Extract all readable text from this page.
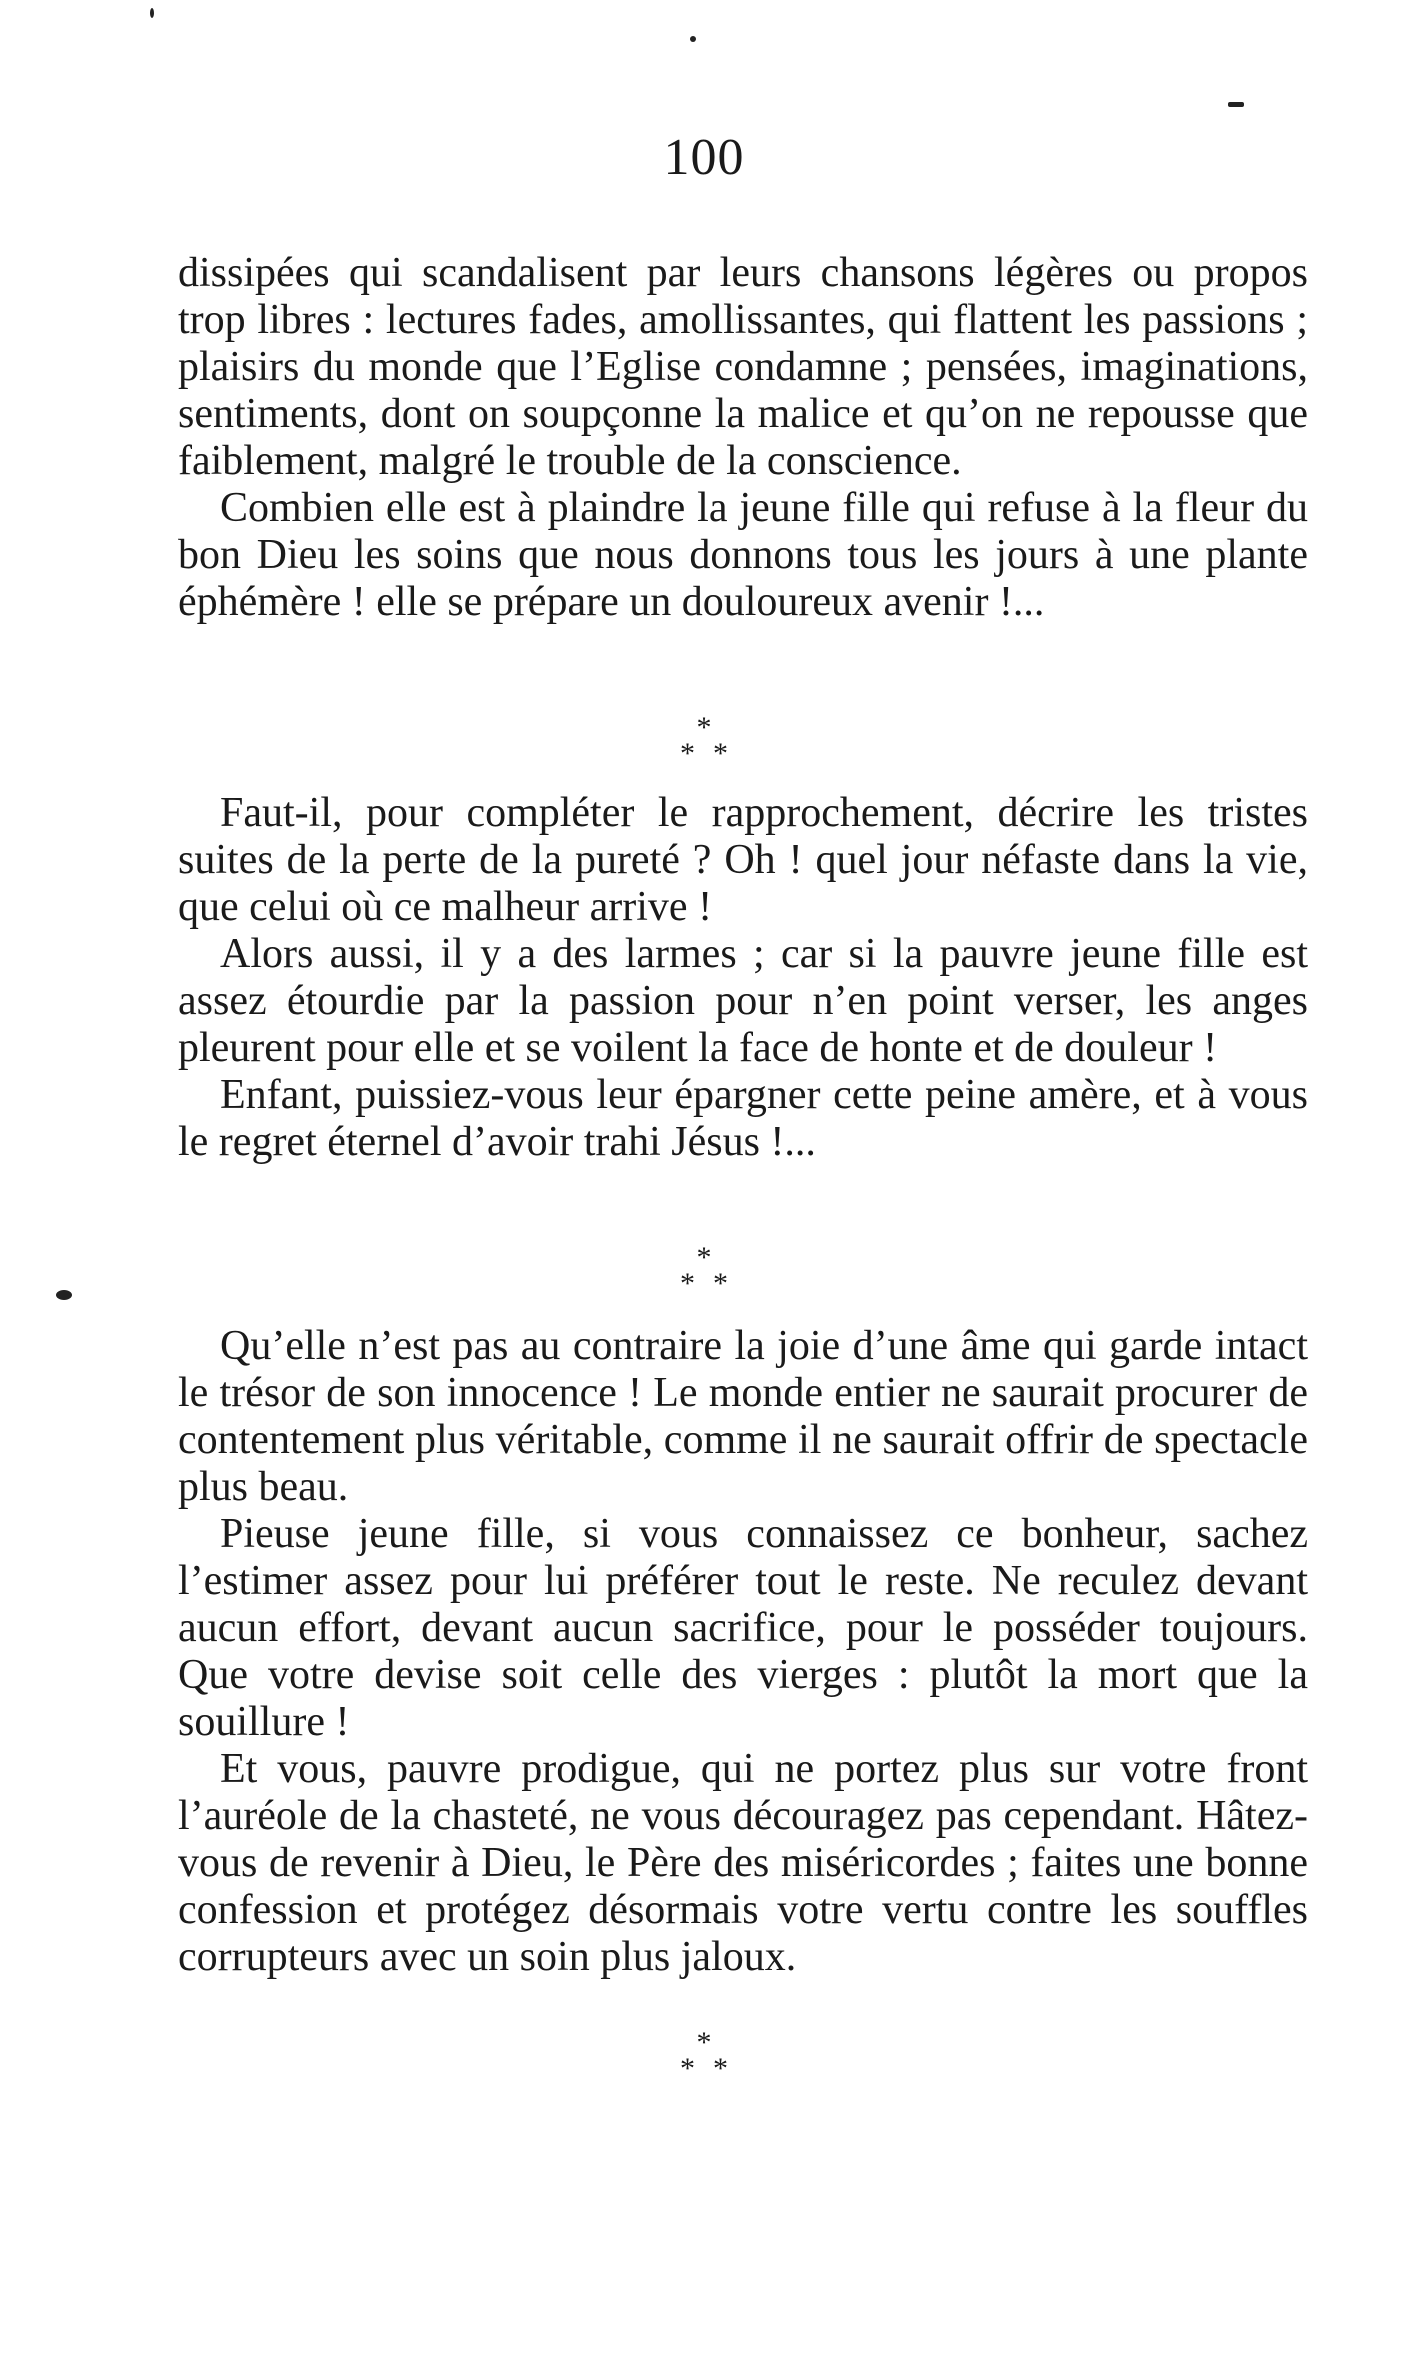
100

dissipées qui scandalisent par leurs chansons légères ou propos trop libres : lectures fades, amollissantes, qui flattent les passions ; plaisirs du monde que l’Eglise condamne ; pensées, imaginations, sentiments, dont on soupçonne la malice et qu’on ne repousse que faiblement, malgré le trouble de la conscience.

Combien elle est à plaindre la jeune fille qui refuse à la fleur du bon Dieu les soins que nous donnons tous les jours à une plante éphémère ! elle se prépare un douloureux avenir !...

*
**

Faut-il, pour compléter le rapprochement, décrire les tristes suites de la perte de la pureté ? Oh ! quel jour néfaste dans la vie, que celui où ce malheur arrive !

Alors aussi, il y a des larmes ; car si la pauvre jeune fille est assez étourdie par la passion pour n’en point verser, les anges pleurent pour elle et se voilent la face de honte et de douleur !

Enfant, puissiez-vous leur épargner cette peine amère, et à vous le regret éternel d’avoir trahi Jésus !...

*
**

Qu’elle n’est pas au contraire la joie d’une âme qui garde intact le trésor de son innocence ! Le monde entier ne saurait procurer de contentement plus véritable, comme il ne saurait offrir de spectacle plus beau.

Pieuse jeune fille, si vous connaissez ce bonheur, sachez l’estimer assez pour lui préférer tout le reste. Ne reculez devant aucun effort, devant aucun sacrifice, pour le posséder toujours. Que votre devise soit celle des vierges : plutôt la mort que la souillure !

Et vous, pauvre prodigue, qui ne portez plus sur votre front l’auréole de la chasteté, ne vous découragez pas cependant. Hâtez-vous de revenir à Dieu, le Père des miséricordes ; faites une bonne confession et protégez désormais votre vertu contre les souffles corrupteurs avec un soin plus jaloux.

*
**
